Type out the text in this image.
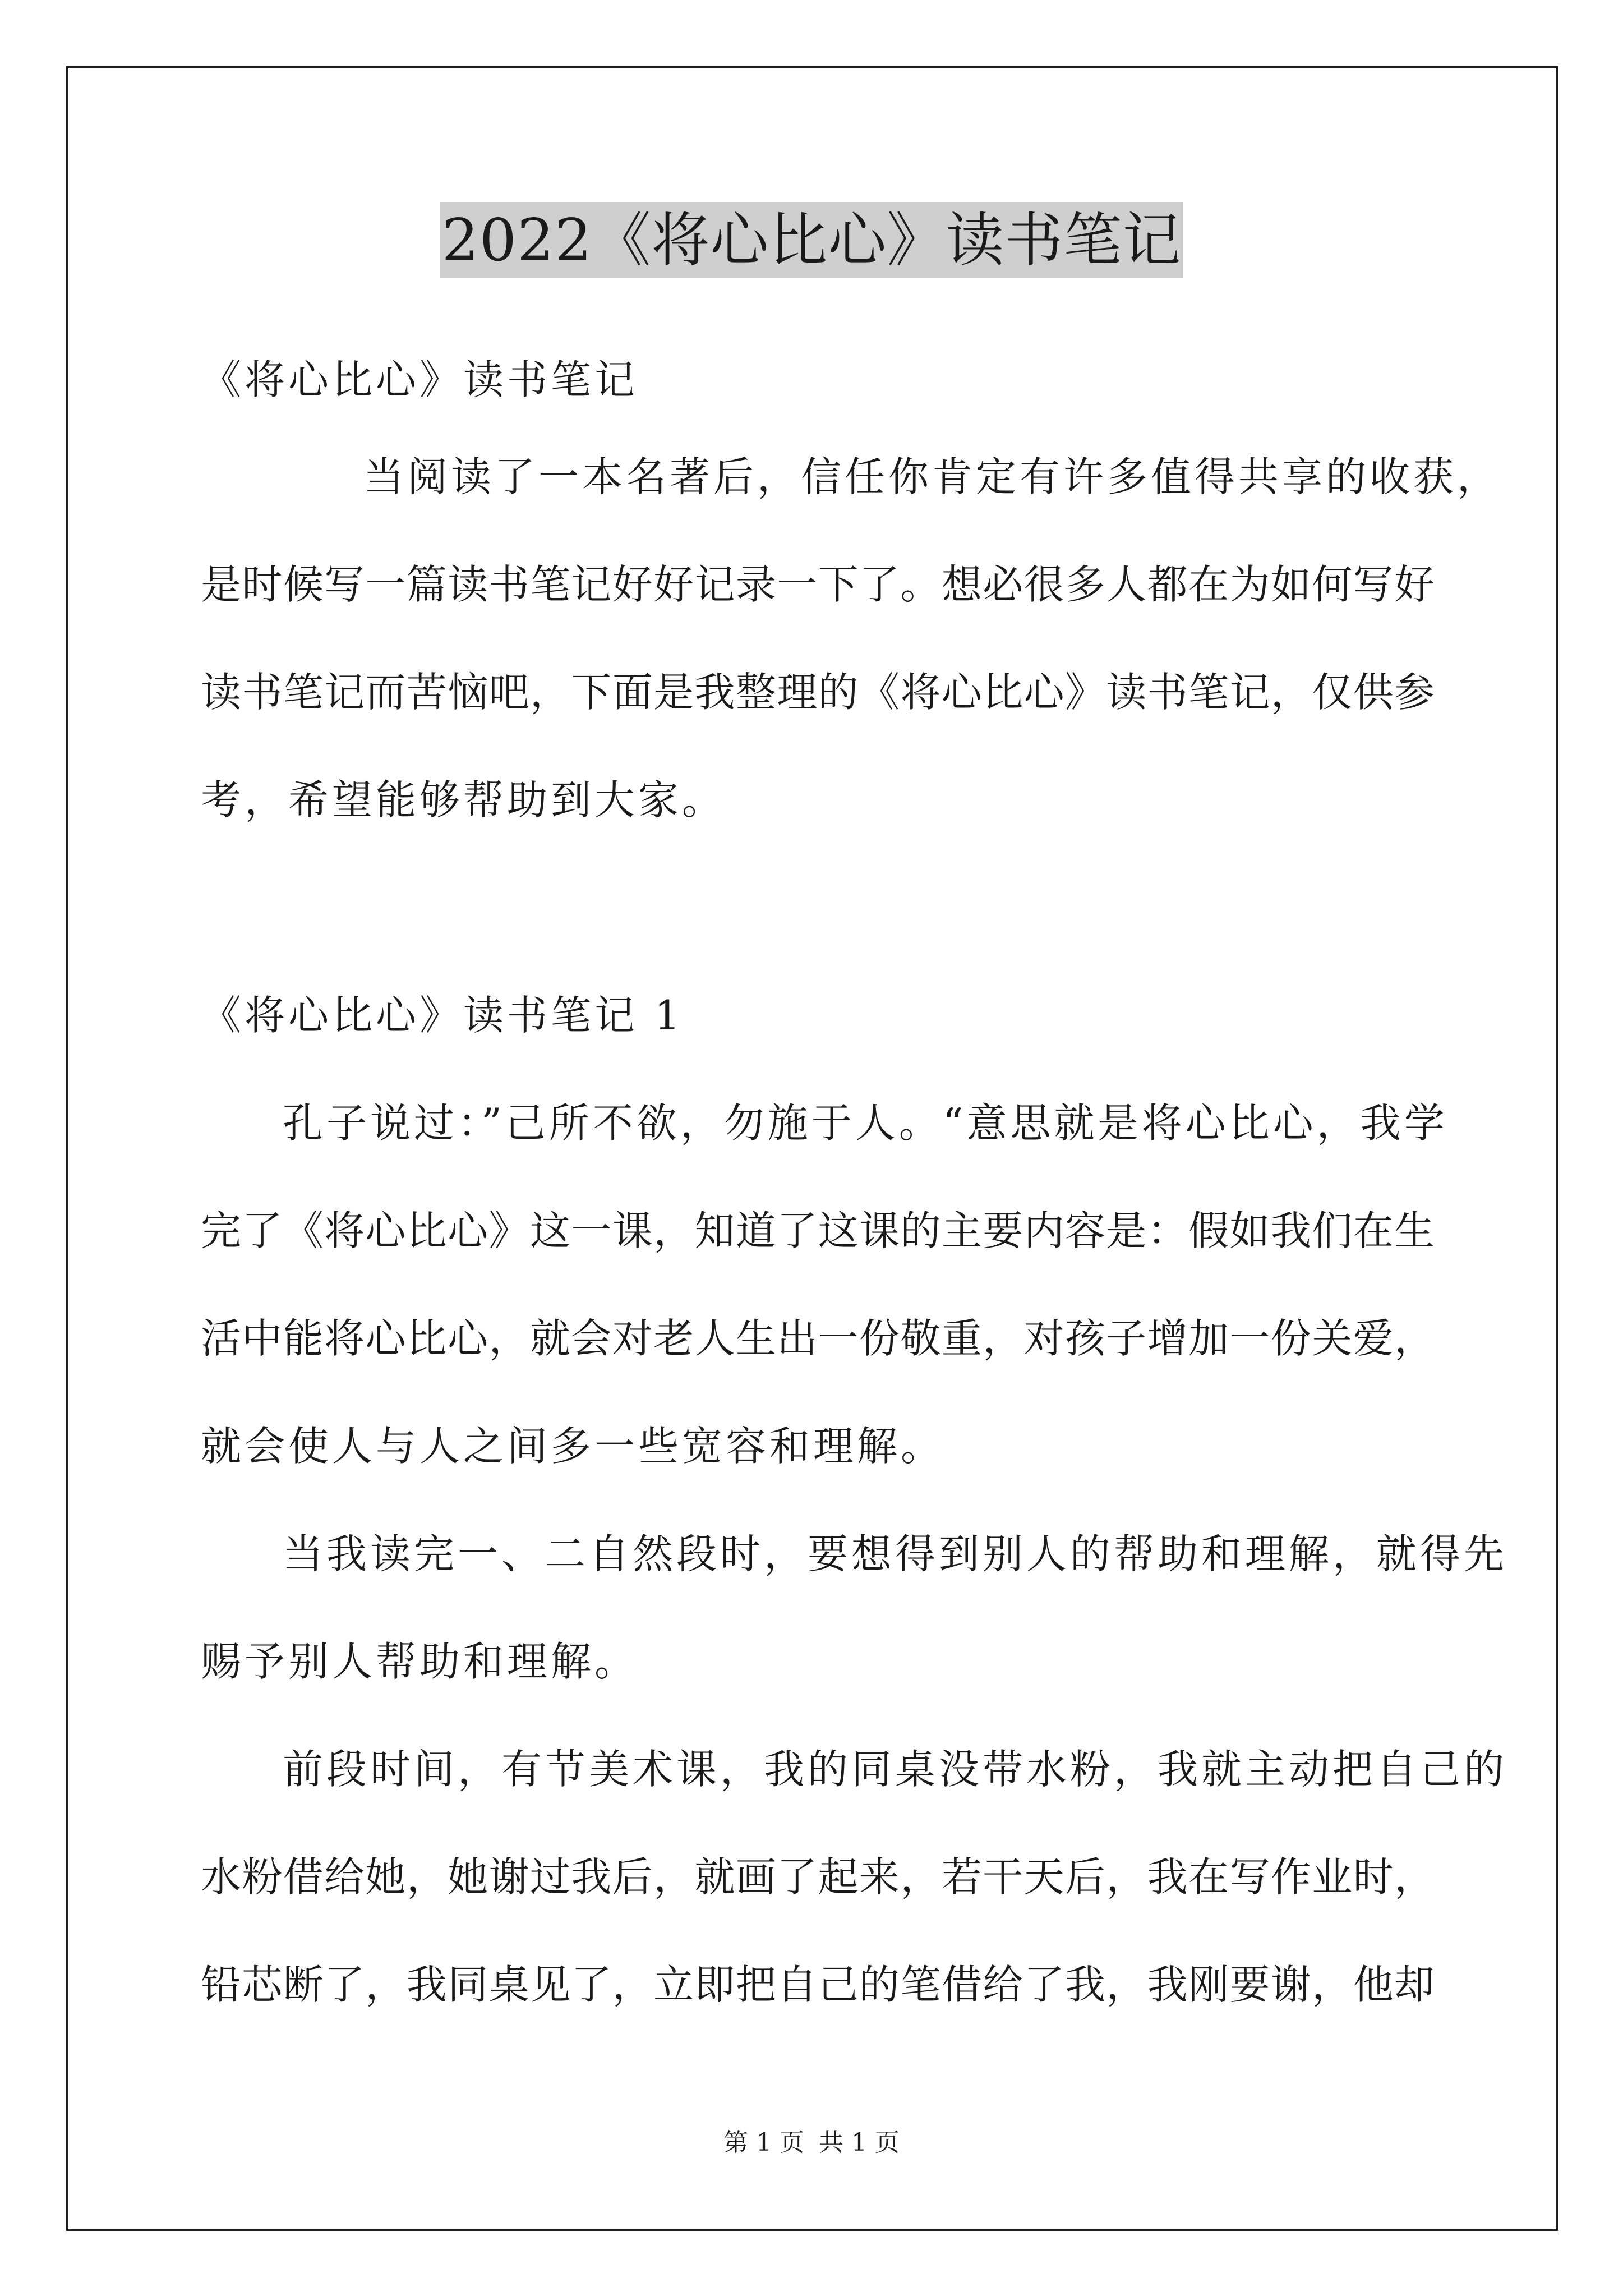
2022《将心比心》读书笔记
《将心比心》读书笔记
当阅读了一本名著后，信任你肯定有许多值得共享的收获，
是时候写一篇读书笔记好好记录一下了。想必很多人都在为如何写好
读书笔记而苦恼吧，下面是我整理的《将心比心》读书笔记，仅供参
考，希望能够帮助到大家。
《将心比心》读书笔记 1
孔子说过：”己所不欲，勿施于人。“意思就是将心比心，我学
完了《将心比心》这一课，知道了这课的主要内容是：假如我们在生
活中能将心比心，就会对老人生出一份敬重，对孩子增加一份关爱，
就会使人与人之间多一些宽容和理解。
当我读完一、二自然段时，要想得到别人的帮助和理解，就得先
赐予别人帮助和理解。
前段时间，有节美术课，我的同桌没带水粉，我就主动把自己的
水粉借给她，她谢过我后，就画了起来，若干天后，我在写作业时，
铅芯断了，我同桌见了，立即把自己的笔借给了我，我刚要谢，他却
第 1 页 共 1 页
